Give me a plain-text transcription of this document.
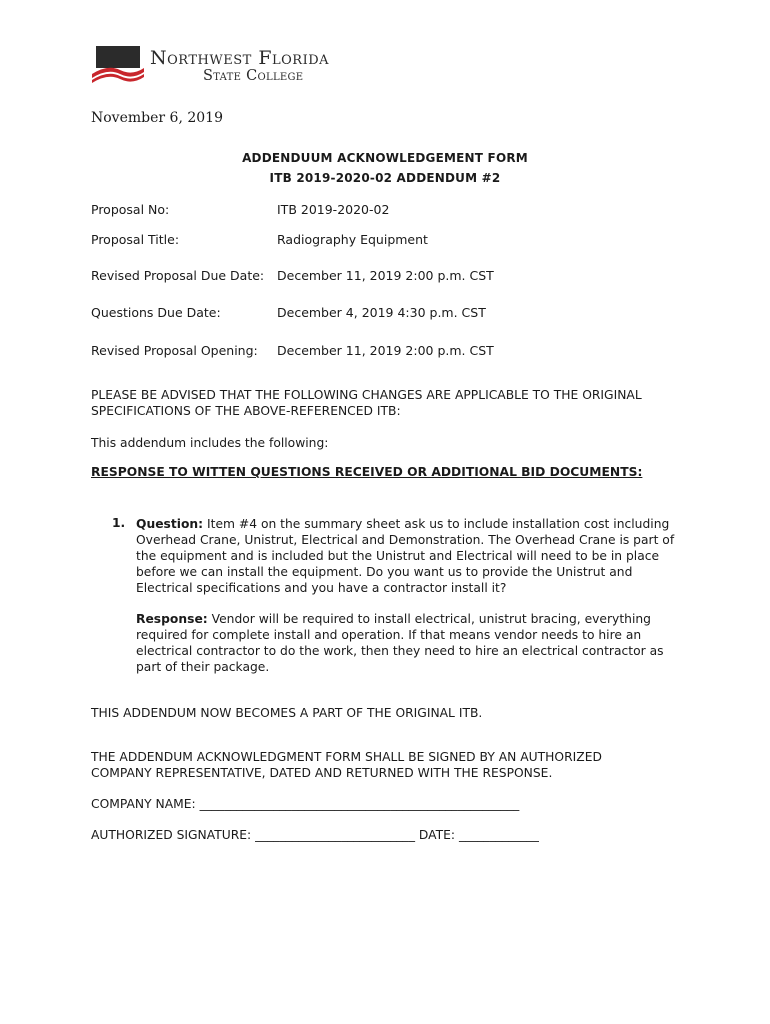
Northwest Florida
State College
November 6, 2019
ADDENDUUM ACKNOWLEDGEMENT FORM
ITB 2019-2020-02 ADDENDUM #2
Proposal No:	ITB 2019-2020-02
Proposal Title:	Radiography Equipment
Revised Proposal Due Date: December 11, 2019 2:00 p.m. CST
Questions Due Date:	December 4, 2019 4:30 p.m. CST
Revised Proposal Opening: December 11, 2019 2:00 p.m. CST
PLEASE BE ADVISED THAT THE FOLLOWING CHANGES ARE APPLICABLE TO THE ORIGINAL SPECIFICATIONS OF THE ABOVE-REFERENCED ITB:
This addendum includes the following:
RESPONSE TO WITTEN QUESTIONS RECEIVED OR ADDITIONAL BID DOCUMENTS:
1. Question: Item #4 on the summary sheet ask us to include installation cost including Overhead Crane, Unistrut, Electrical and Demonstration. The Overhead Crane is part of the equipment and is included but the Unistrut and Electrical will need to be in place before we can install the equipment. Do you want us to provide the Unistrut and Electrical specifications and you have a contractor install it?
Response: Vendor will be required to install electrical, unistrut bracing, everything required for complete install and operation. If that means vendor needs to hire an electrical contractor to do the work, then they need to hire an electrical contractor as part of their package.
THIS ADDENDUM NOW BECOMES A PART OF THE ORIGINAL ITB.
THE ADDENDUM ACKNOWLEDGMENT FORM SHALL BE SIGNED BY AN AUTHORIZED COMPANY REPRESENTATIVE, DATED AND RETURNED WITH THE RESPONSE.
COMPANY NAME: ____________________________________________________
AUTHORIZED SIGNATURE: __________________________ DATE: _____________
